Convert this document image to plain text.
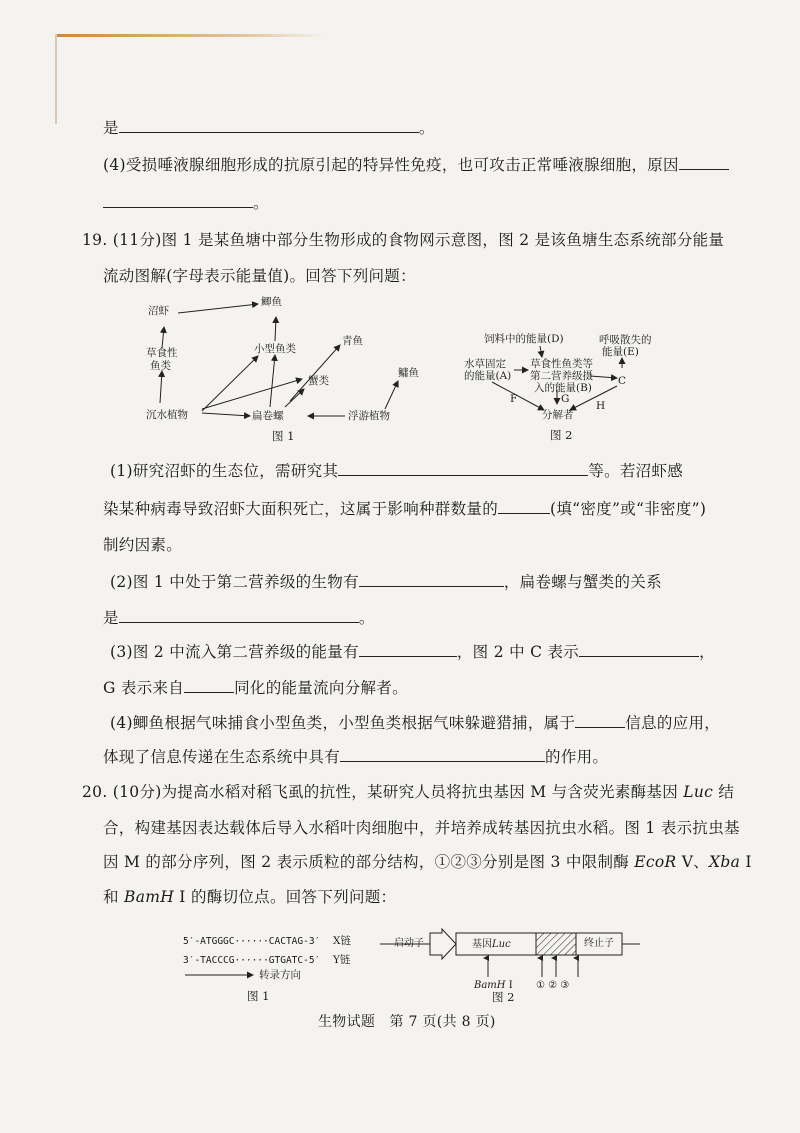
是	。
(4)受损唾液腺细胞形成的抗原引起的特异性免疫，也可攻击正常唾液腺细胞，原因
。
19. (11分)图 1 是某鱼塘中部分生物形成的食物网示意图，图 2 是该鱼塘生态系统部分能量
流动图解(字母表示能量值)。回答下列问题：
沼虾
鲫鱼
草食性
鱼类
小型鱼类
青鱼
蟹类
鳙鱼
沉水植物	扁卷螺	浮游植物
图 1
饲料中的能量(D)	呼吸散失的
能量(E)
水草固定
的能量(A)
草食性鱼类等
第二营养级摄
入的能量(B)
C
F	G
H
分解者
图 2
(1)研究沼虾的生态位，需研究其	等。若沼虾感
染某种病毒导致沼虾大面积死亡，这属于影响种群数量的	(填“密度”或“非密度”)
制约因素。
(2)图 1 中处于第二营养级的生物有	，扁卷螺与蟹类的关系
是	。
(3)图 2 中流入第二营养级的能量有	，图 2 中 C 表示	，
G 表示来自	同化的能量流向分解者。
(4)鲫鱼根据气味捕食小型鱼类，小型鱼类根据气味躲避猎捕，属于	信息的应用，
体现了信息传递在生态系统中具有	的作用。
20. (10分)为提高水稻对稻飞虱的抗性，某研究人员将抗虫基因 M 与含荧光素酶基因 Luc 结
合，构建基因表达载体后导入水稻叶肉细胞中，并培养成转基因抗虫水稻。图 1 表示抗虫基
因 M 的部分序列，图 2 表示质粒的部分结构，①②③分别是图 3 中限制酶 EcoR Ⅴ、Xba Ⅰ
和 BamH Ⅰ 的酶切位点。回答下列问题：
5′-ATGGGC······CACTAG-3′ X链
3′-TACCCG······GTGATC-5′ Y链
转录方向
图 1
启动子	基因Luc	终止子
BamH Ⅰ ① ② ③
图 2
生物试题　第 7 页(共 8 页)
